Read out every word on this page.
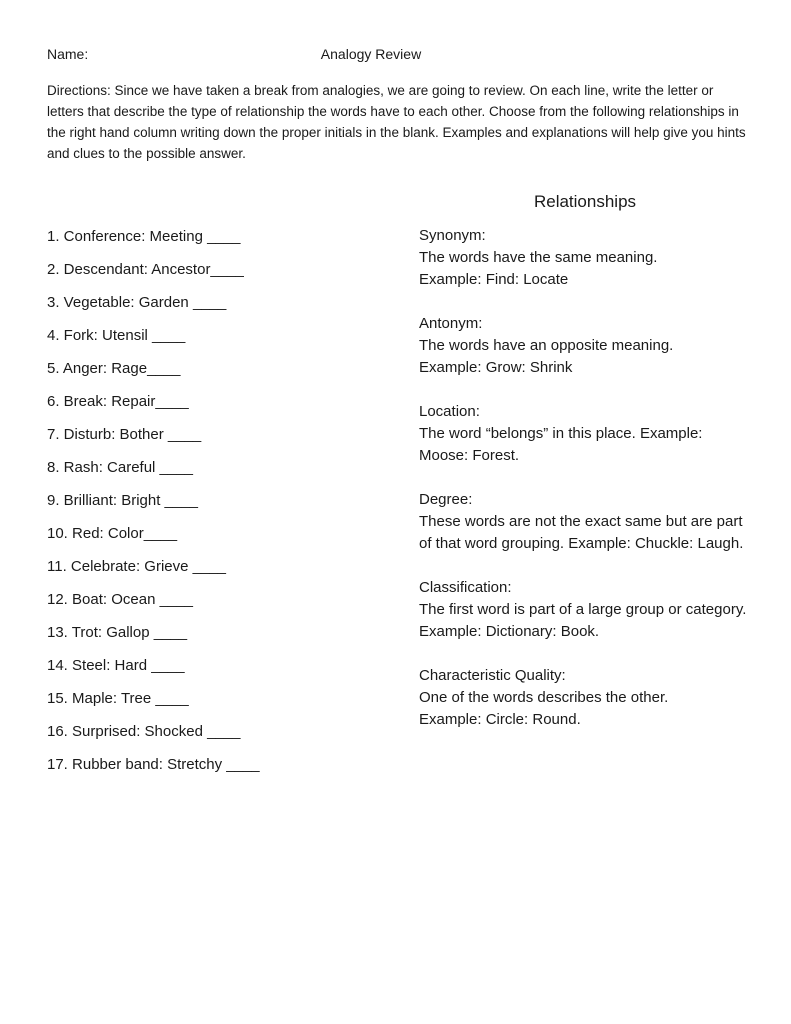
Name:	Analogy Review

Directions: Since we have taken a break from analogies, we are going to review. On each line, write the letter or letters that describe the type of relationship the words have to each other. Choose from the following relationships in the right hand column writing down the proper initials in the blank. Examples and explanations will help give you hints and clues to the possible answer.

1. Conference: Meeting ____
2. Descendant: Ancestor____
3. Vegetable: Garden ____
4. Fork: Utensil ____
5. Anger: Rage____
6. Break: Repair____
7. Disturb: Bother ____
8. Rash: Careful ____
9. Brilliant: Bright ____
10. Red: Color____
11. Celebrate: Grieve ____
12. Boat: Ocean ____
13. Trot: Gallop ____
14. Steel: Hard ____
15. Maple: Tree ____
16. Surprised: Shocked ____
17. Rubber band: Stretchy ____
Relationships
Synonym:
The words have the same meaning.
Example: Find: Locate
Antonym:
The words have an opposite meaning.
Example: Grow: Shrink
Location:
The word “belongs” in this place. Example: Moose: Forest.
Degree:
These words are not the exact same but are part of that word grouping. Example: Chuckle: Laugh.
Classification:
The first word is part of a large group or category. Example: Dictionary: Book.
Characteristic Quality:
One of the words describes the other.
Example: Circle: Round.
